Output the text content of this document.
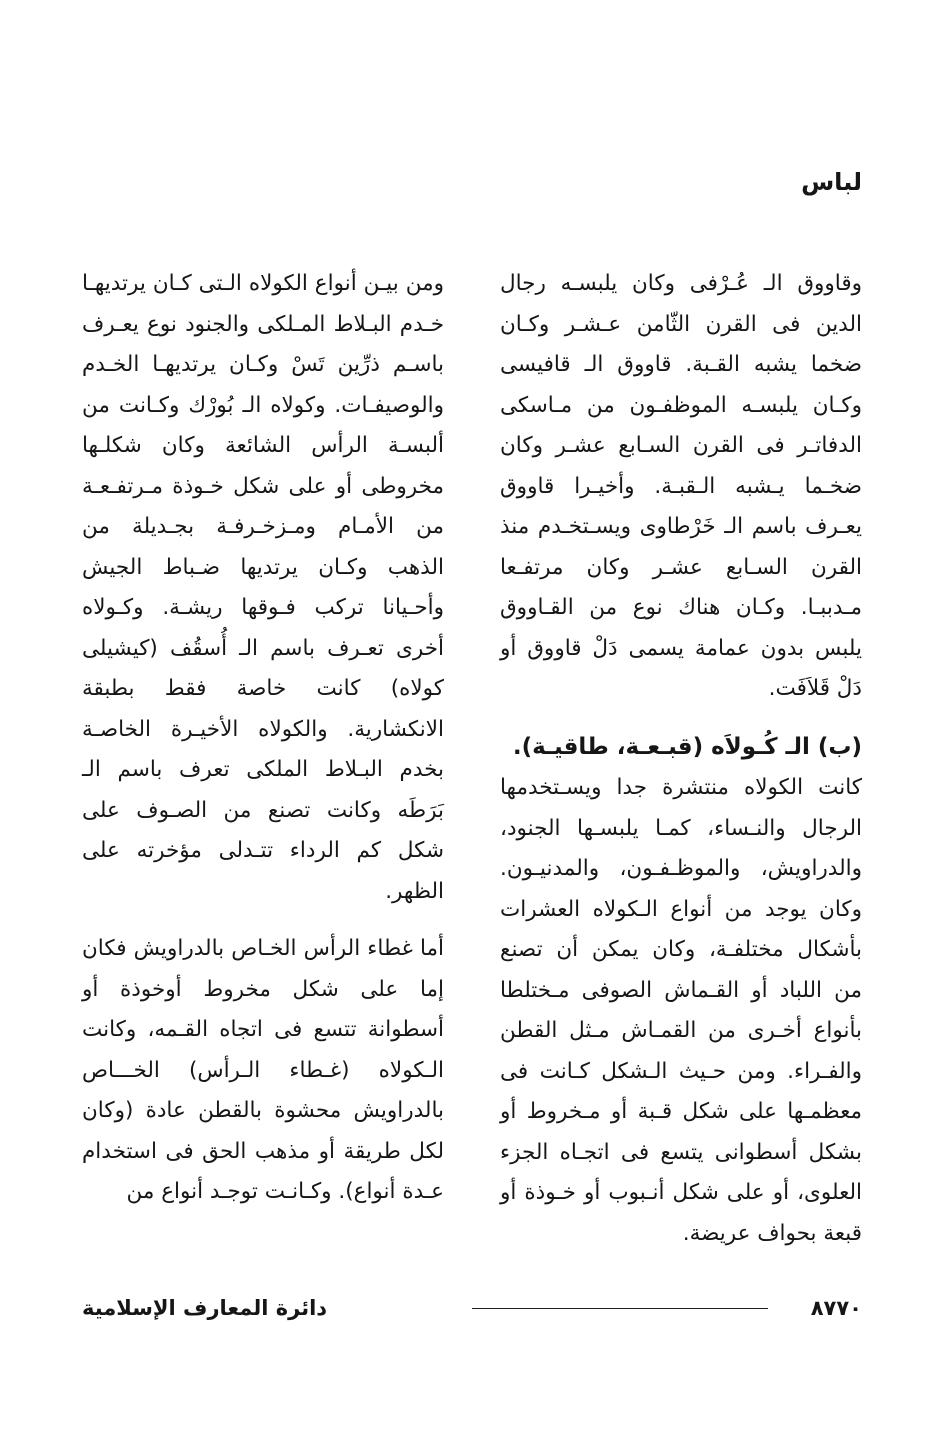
لباس

وقاووق الـ عُـرْفى وكان يلبسـه رجال الدين فى القرن الثّامن عـشـر وكـان ضخما يشبه القـبة. قاووق الـ قافيسى وكـان يلبسـه الموظفـون من مـاسكى الدفاتـر فى القرن السـابع عشـر وكان ضخـما يـشبه الـقبـة. وأخيـرا قاووق يعـرف باسم الـ خَرْطاوى ويسـتخـدم منذ القرن السـابع عشـر وكان مرتفـعا مـدببـا. وكـان هناك نوع من القـاووق يلبس بدون عمامة يسمى دَلْ قاووق أو دَلْ قَلاَفَت.

(ب) الـ كُـولاَه (قبـعـة، طاقيـة).
كانت الكولاه منتشرة جدا ويسـتخدمها الرجال والنـساء، كمـا يلبسـها الجنود، والدراويش، والموظـفـون، والمدنيـون. وكان يوجد من أنواع الـكولاه العشرات بأشكال مختلفـة، وكان يمكن أن تصنع من اللباد أو القـماش الصوفى مـختلطا بأنواع أخـرى من القمـاش مـثل القطن والفـراء. ومن حـيث الـشكل كـانت فى معظمـها على شكل قـبة أو مـخروط أو بشكل أسطوانى يتسع فى اتجـاه الجزء العلوى، أو على شكل أنـبوب أو خـوذة أو قبعة بحواف عريضة.

ومن بيـن أنواع الكولاه الـتى كـان يرتديهـا خـدم البـلاط المـلكى والجنود نوع يعـرف باسـم ذرِّين تَسْ وكـان يرتديهـا الخـدم والوصيفـات. وكولاه الـ بُورْك وكـانت من ألبسـة الرأس الشائعة وكان شكلـها مخروطى أو على شكل خـوذة مـرتفـعـة من الأمـام ومـزخـرفـة بجـديلة من الذهب وكـان يرتديها ضـباط الجيش وأحـيانا تركب فـوقها ريشـة. وكـولاه أخرى تعـرف باسم الـ أُسقُف (كيشيلى كولاه) كانت خاصة فقط بطبقة الانكشارية. والكولاه الأخيـرة الخاصـة بخدم البـلاط الملكى تعرف باسم الـ بَرَطَه وكانت تصنع من الصـوف على شكل كم الرداء تتـدلى مؤخرته على الظهر.

أما غطاء الرأس الخـاص بالدراويش فكان إما على شكل مخروط أوخوذة أو أسطوانة تتسع فى اتجاه القـمه، وكانت الـكولاه (غـطاء الـرأس) الخـــاص بالدراويش محشوة بالقطن عادة (وكان لكل طريقة أو مذهب الحق فى استخدام عـدة أنواع). وكـانـت توجـد أنواع من

٨٧٧٠
دائرة المعارف الإسلامية
